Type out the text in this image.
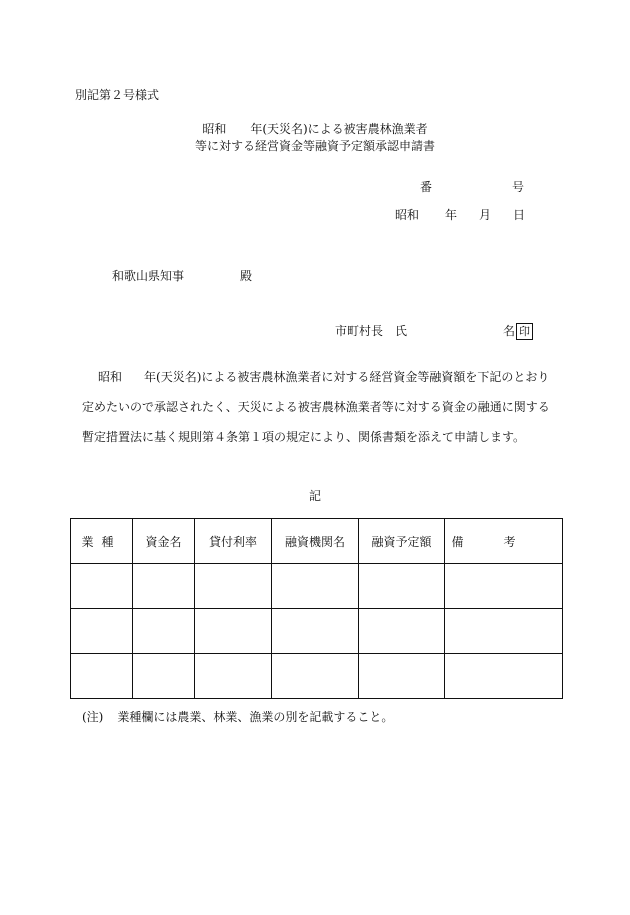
別記第２号様式
昭和　　年(天災名)による被害農林漁業者
等に対する経営資金等融資予定額承認申請書
番	号
昭和 年 月 日
和歌山県知事	殿
市町村長　氏	名 印
昭和 年(天災名)による被害農林漁業者に対する経営資金等融資額を下記のとおり
定めたいので承認されたく、天災による被害農林漁業者等に対する資金の融通に関する
暫定措置法に基く規則第４条第１項の規定により、関係書類を添えて申請します。
記
業種	資金名	貸付利率	融資機関名	融資予定額	備考

(注) 業種欄には農業、林業、漁業の別を記載すること。
